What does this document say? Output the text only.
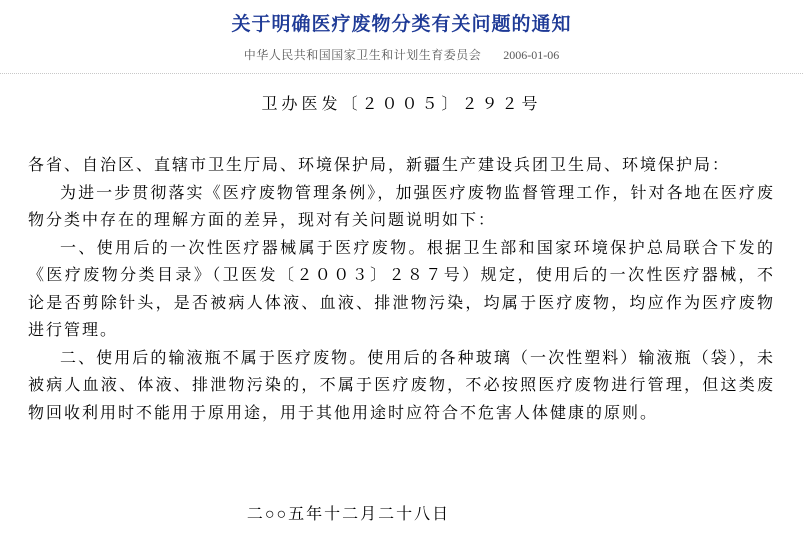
关于明确医疗废物分类有关问题的通知
中华人民共和国国家卫生和计划生育委员会 2006-01-06
卫办医发〔２００５〕２９２号

各省、自治区、直辖市卫生厅局、环境保护局，新疆生产建设兵团卫生局、环境保护局：

为进一步贯彻落实《医疗废物管理条例》，加强医疗废物监督管理工作，针对各地在医疗废物分类中存在的理解方面的差异，现对有关问题说明如下：

一、使用后的一次性医疗器械属于医疗废物。根据卫生部和国家环境保护总局联合下发的《医疗废物分类目录》（卫医发〔２００３〕２８７号）规定，使用后的一次性医疗器械，不论是否剪除针头，是否被病人体液、血液、排泄物污染，均属于医疗废物，均应作为医疗废物进行管理。

二、使用后的输液瓶不属于医疗废物。使用后的各种玻璃（一次性塑料）输液瓶（袋），未被病人血液、体液、排泄物污染的，不属于医疗废物，不必按照医疗废物进行管理，但这类废物回收利用时不能用于原用途，用于其他用途时应符合不危害人体健康的原则。

二○○五年十二月二十八日
